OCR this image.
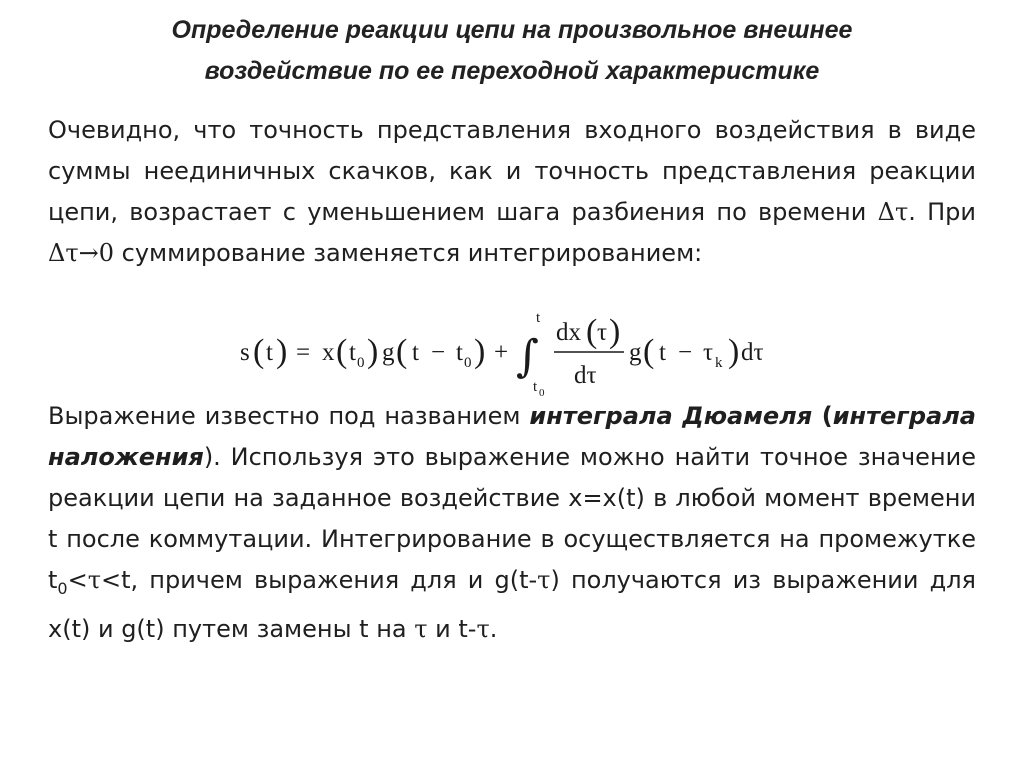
Определение реакции цепи на произвольное внешнее
воздействие по ее переходной характеристике
Очевидно, что точность представления входного воздействия в виде суммы неединичных скачков, как и точность представления реакции цепи, возрастает с уменьшением шага разбиения по времени Δτ. При Δτ→0 суммирование заменяется интегрированием:
s ( t ) = x ( t 0 ) g ( t − t 0 ) + ∫
t
t 0
dx ( τ )
dτ
g ( t − τ k ) dτ
Выражение известно под названием интеграла Дюамеля (интеграла наложения). Используя это выражение можно найти точное значение реакции цепи на заданное воздействие x=x(t) в любой момент времени t после коммутации. Интегрирование в осуществляется на промежутке $t_0<\tau<t$, причем выражения для и g(t-τ) получаются из выражении для x(t) и g(t) путем замены t на τ и t-τ.
